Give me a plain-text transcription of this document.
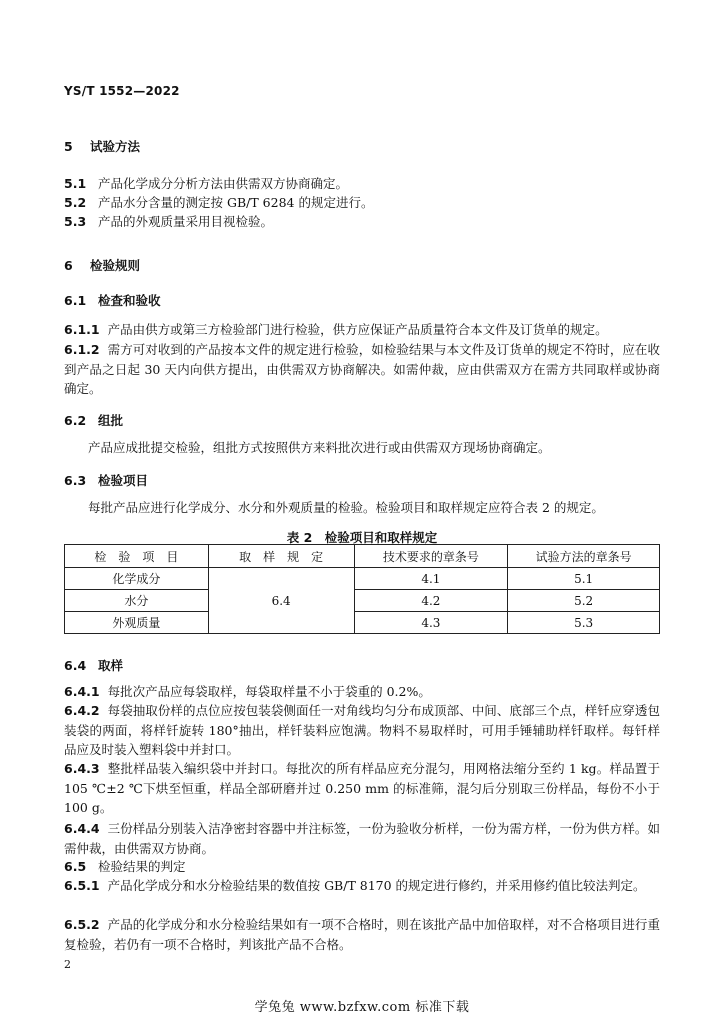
YS/T 1552—2022
5 试验方法
5.1 产品化学成分分析方法由供需双方协商确定。
5.2 产品水分含量的测定按 GB/T 6284 的规定进行。
5.3 产品的外观质量采用目视检验。
6 检验规则
6.1 检查和验收
6.1.1 产品由供方或第三方检验部门进行检验，供方应保证产品质量符合本文件及订货单的规定。
6.1.2 需方可对收到的产品按本文件的规定进行检验，如检验结果与本文件及订货单的规定不符时，应在收到产品之日起 30 天内向供方提出，由供需双方协商解决。如需仲裁，应由供需双方在需方共同取样或协商确定。
6.2 组批
产品应成批提交检验，组批方式按照供方来料批次进行或由供需双方现场协商确定。
6.3 检验项目
每批产品应进行化学成分、水分和外观质量的检验。检验项目和取样规定应符合表 2 的规定。
表 2　检验项目和取样规定
检　验　项　目	取　样　规　定	技术要求的章条号	试验方法的章条号
化学成分	6.4	4.1	5.1
水分		4.2	5.2
外观质量		4.3	5.3
6.4 取样
6.4.1 每批次产品应每袋取样，每袋取样量不小于袋重的 0.2%。
6.4.2 每袋抽取份样的点位应按包装袋侧面任一对角线均匀分布成顶部、中间、底部三个点，样钎应穿透包装袋的两面，将样钎旋转 180°抽出，样钎装料应饱满。物料不易取样时，可用手锤辅助样钎取样。每钎样品应及时装入塑料袋中并封口。
6.4.3 整批样品装入编织袋中并封口。每批次的所有样品应充分混匀，用网格法缩分至约 1 kg。样品置于 105 ℃±2 ℃下烘至恒重，样品全部研磨并过 0.250 mm 的标准筛，混匀后分别取三份样品，每份不小于 100 g。
6.4.4 三份样品分别装入洁净密封容器中并注标签，一份为验收分析样，一份为需方样，一份为供方样。如需仲裁，由供需双方协商。
6.5 检验结果的判定
6.5.1 产品化学成分和水分检验结果的数值按 GB/T 8170 的规定进行修约，并采用修约值比较法判定。
6.5.2 产品的化学成分和水分检验结果如有一项不合格时，则在该批产品中加倍取样，对不合格项目进行重复检验，若仍有一项不合格时，判该批产品不合格。
2
学兔兔 www.bzfxw.com 标准下载
